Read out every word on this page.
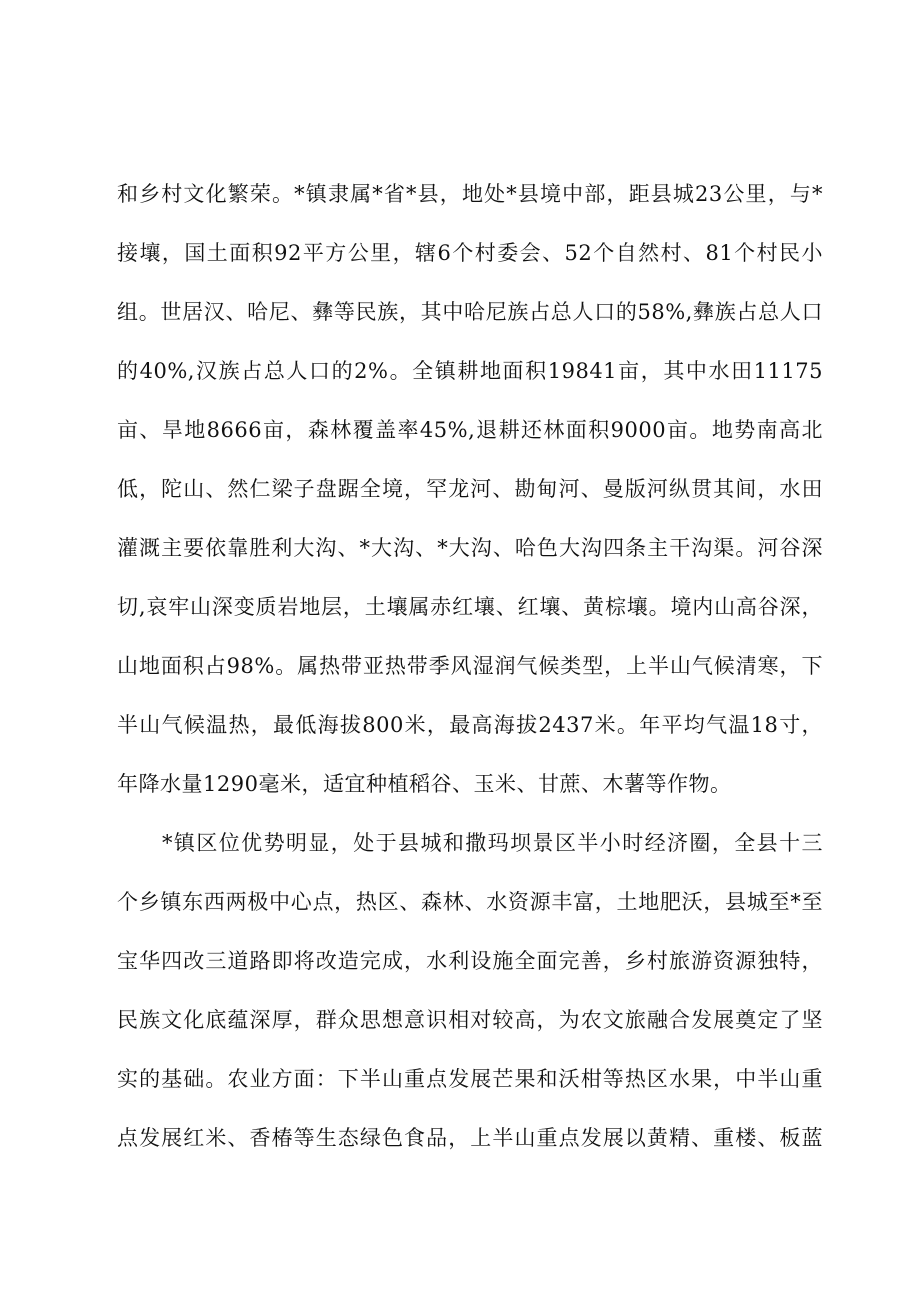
和乡村文化繁荣。*镇隶属*省*县，地处*县境中部，距县城23公里，与*
接壤，国土面积92平方公里，辖6个村委会、52个自然村、81个村民小
组。世居汉、哈尼、彝等民族，其中哈尼族占总人口的58%,彝族占总人口
的40%,汉族占总人口的2%。全镇耕地面积19841亩，其中水田11175
亩、旱地8666亩，森林覆盖率45%,退耕还林面积9000亩。地势南高北
低，陀山、然仁梁子盘踞全境，罕龙河、勘甸河、曼版河纵贯其间，水田
灌溉主要依靠胜利大沟、*大沟、*大沟、哈色大沟四条主干沟渠。河谷深
切,哀牢山深变质岩地层，土壤属赤红壤、红壤、黄棕壤。境内山高谷深，
山地面积占98%。属热带亚热带季风湿润气候类型，上半山气候清寒，下
半山气候温热，最低海拔800米，最高海拔2437米。年平均气温18寸，
年降水量1290毫米，适宜种植稻谷、玉米、甘蔗、木薯等作物。
*镇区位优势明显，处于县城和撒玛坝景区半小时经济圈，全县十三
个乡镇东西两极中心点，热区、森林、水资源丰富，土地肥沃，县城至*至
宝华四改三道路即将改造完成，水利设施全面完善，乡村旅游资源独特，
民族文化底蕴深厚，群众思想意识相对较高，为农文旅融合发展奠定了坚
实的基础。农业方面：下半山重点发展芒果和沃柑等热区水果，中半山重
点发展红米、香椿等生态绿色食品，上半山重点发展以黄精、重楼、板蓝
